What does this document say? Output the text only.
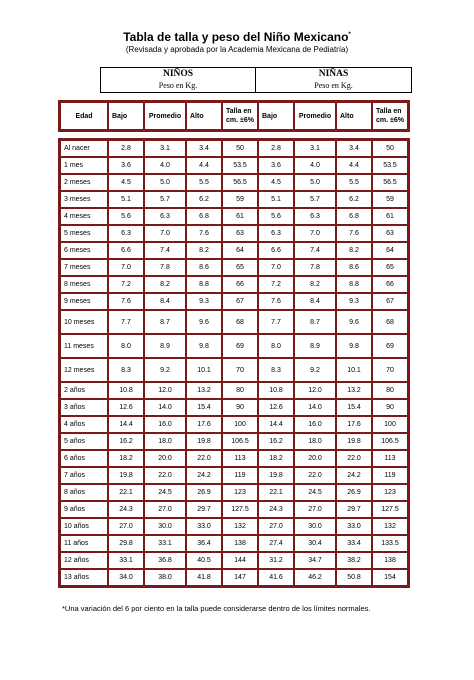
Tabla de talla y peso del Niño Mexicano*
(Revisada y aprobada por la Academia Mexicana de Pediatría)
NIÑOS
Peso en Kg.
NIÑAS
Peso en Kg.
Edad	Bajo	Promedio	Alto	Talla en cm. ±6%	Bajo	Promedio	Alto	Talla en cm. ±6%
Al nacer	2.8	3.1	3.4	50	2.8	3.1	3.4	50
1 mes	3.6	4.0	4.4	53.5	3.6	4.0	4.4	53.5
2 meses	4.5	5.0	5.5	56.5	4.5	5.0	5.5	56.5
3 meses	5.1	5.7	6.2	59	5.1	5.7	6.2	59
4 meses	5.6	6.3	6.8	61	5.6	6.3	6.8	61
5 meses	6.3	7.0	7.6	63	6.3	7.0	7.6	63
6 meses	6.6	7.4	8.2	64	6.6	7.4	8.2	64
7 meses	7.0	7.8	8.6	65	7.0	7.8	8.6	65
8 meses	7.2	8.2	8.8	66	7.2	8.2	8.8	66
9 meses	7.6	8.4	9.3	67	7.6	8.4	9.3	67
10 meses	7.7	8.7	9.6	68	7.7	8.7	9.6	68
11 meses	8.0	8.9	9.8	69	8.0	8.9	9.8	69
12 meses	8.3	9.2	10.1	70	8.3	9.2	10.1	70
2 años	10.8	12.0	13.2	80	10.8	12.0	13.2	80
3 años	12.6	14.0	15.4	90	12.6	14.0	15.4	90
4 años	14.4	16.0	17.6	100	14.4	16.0	17.6	100
5 años	16.2	18.0	19.8	106.5	16.2	18.0	19.8	106.5
6 años	18.2	20.0	22.0	113	18.2	20.0	22.0	113
7 años	19.8	22.0	24.2	119	19.8	22.0	24.2	119
8 años	22.1	24.5	26.9	123	22.1	24.5	26.9	123
9 años	24.3	27.0	29.7	127.5	24.3	27.0	29.7	127.5
10 años	27.0	30.0	33.0	132	27.0	30.0	33.0	132
11 años	29.8	33.1	36.4	138	27.4	30.4	33.4	133.5
12 años	33.1	36.8	40.5	144	31.2	34.7	38.2	138
13 años	34.0	38.0	41.8	147	41.6	46.2	50.8	154
*Una variación del 6 por ciento en la talla puede considerarse dentro de los límites normales.
